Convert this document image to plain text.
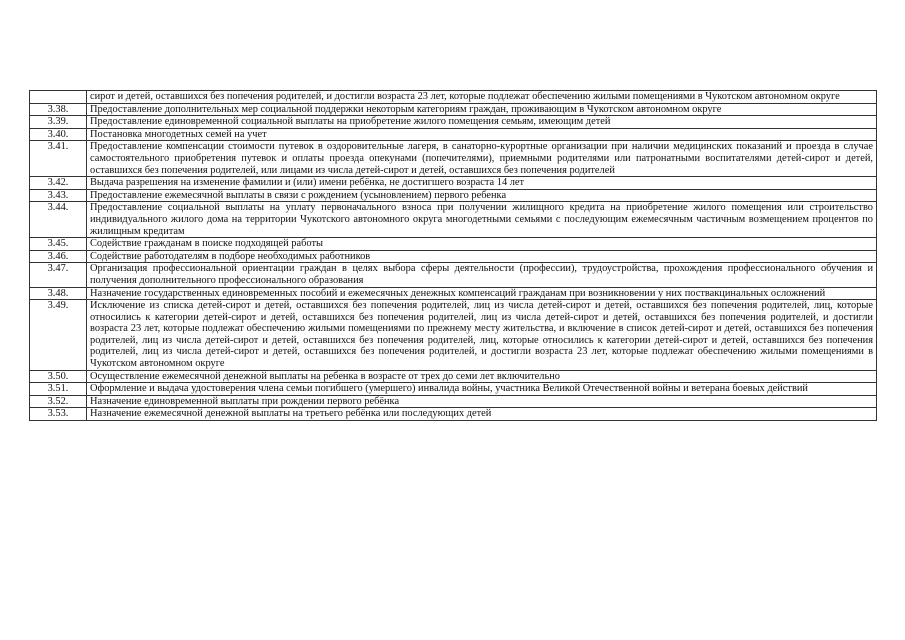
	сирот и детей, оставшихся без попечения родителей, и достигли возраста 23 лет, которые подлежат обеспечению жилыми помещениями в Чукотском автономном округе
3.38.	Предоставление дополнительных мер социальной поддержки некоторым категориям граждан, проживающим в Чукотском автономном округе
3.39.	Предоставление единовременной социальной выплаты на приобретение жилого помещения семьям, имеющим детей
3.40.	Постановка многодетных семей на учет
3.41.	Предоставление компенсации стоимости путевок в оздоровительные лагеря, в санаторно-курортные организации при наличии медицинских показаний и проезда в случае самостоятельного приобретения путевок и оплаты проезда опекунами (попечителями), приемными родителями или патронатными воспитателями детей-сирот и детей, оставшихся без попечения родителей, или лицами из числа детей-сирот и детей, оставшихся без попечения родителей
3.42.	Выдача разрешения на изменение фамилии и (или) имени ребёнка, не достигшего возраста 14 лет
3.43.	Предоставление ежемесячной выплаты в связи с рождением (усыновлением) первого ребенка
3.44.	Предоставление социальной выплаты на уплату первоначального взноса при получении жилищного кредита на приобретение жилого помещения или строительство индивидуального жилого дома на территории Чукотского автономного округа многодетными семьями с последующим ежемесячным частичным возмещением процентов по жилищным кредитам
3.45.	Содействие гражданам в поиске подходящей работы
3.46.	Содействие работодателям в подборе необходимых работников
3.47.	Организация профессиональной ориентации граждан в целях выбора сферы деятельности (профессии), трудоустройства, прохождения профессионального обучения и получения дополнительного профессионального образования
3.48.	Назначение государственных единовременных пособий и ежемесячных денежных компенсаций гражданам при возникновении у них поствакцинальных осложнений
3.49.	Исключение из списка детей-сирот и детей, оставшихся без попечения родителей, лиц из числа детей-сирот и детей, оставшихся без попечения родителей, лиц, которые относились к категории детей-сирот и детей, оставшихся без попечения родителей, лиц из числа детей-сирот и детей, оставшихся без попечения родителей, и достигли возраста 23 лет, которые подлежат обеспечению жилыми помещениями по прежнему месту жительства, и включение в список детей-сирот и детей, оставшихся без попечения родителей, лиц из числа детей-сирот и детей, оставшихся без попечения родителей, лиц, которые относились к категории детей-сирот и детей, оставшихся без попечения родителей, лиц из числа детей-сирот и детей, оставшихся без попечения родителей, и достигли возраста 23 лет, которые подлежат обеспечению жилыми помещениями в Чукотском автономном округе
3.50.	Осуществление ежемесячной денежной выплаты на ребенка в возрасте от трех до семи лет включительно
3.51.	Оформление и выдача удостоверения члена семьи погибшего (умершего) инвалида войны, участника Великой Отечественной войны и ветерана боевых действий
3.52.	Назначение единовременной выплаты при рождении первого ребёнка
3.53.	Назначение ежемесячной денежной выплаты на третьего ребёнка или последующих детей
